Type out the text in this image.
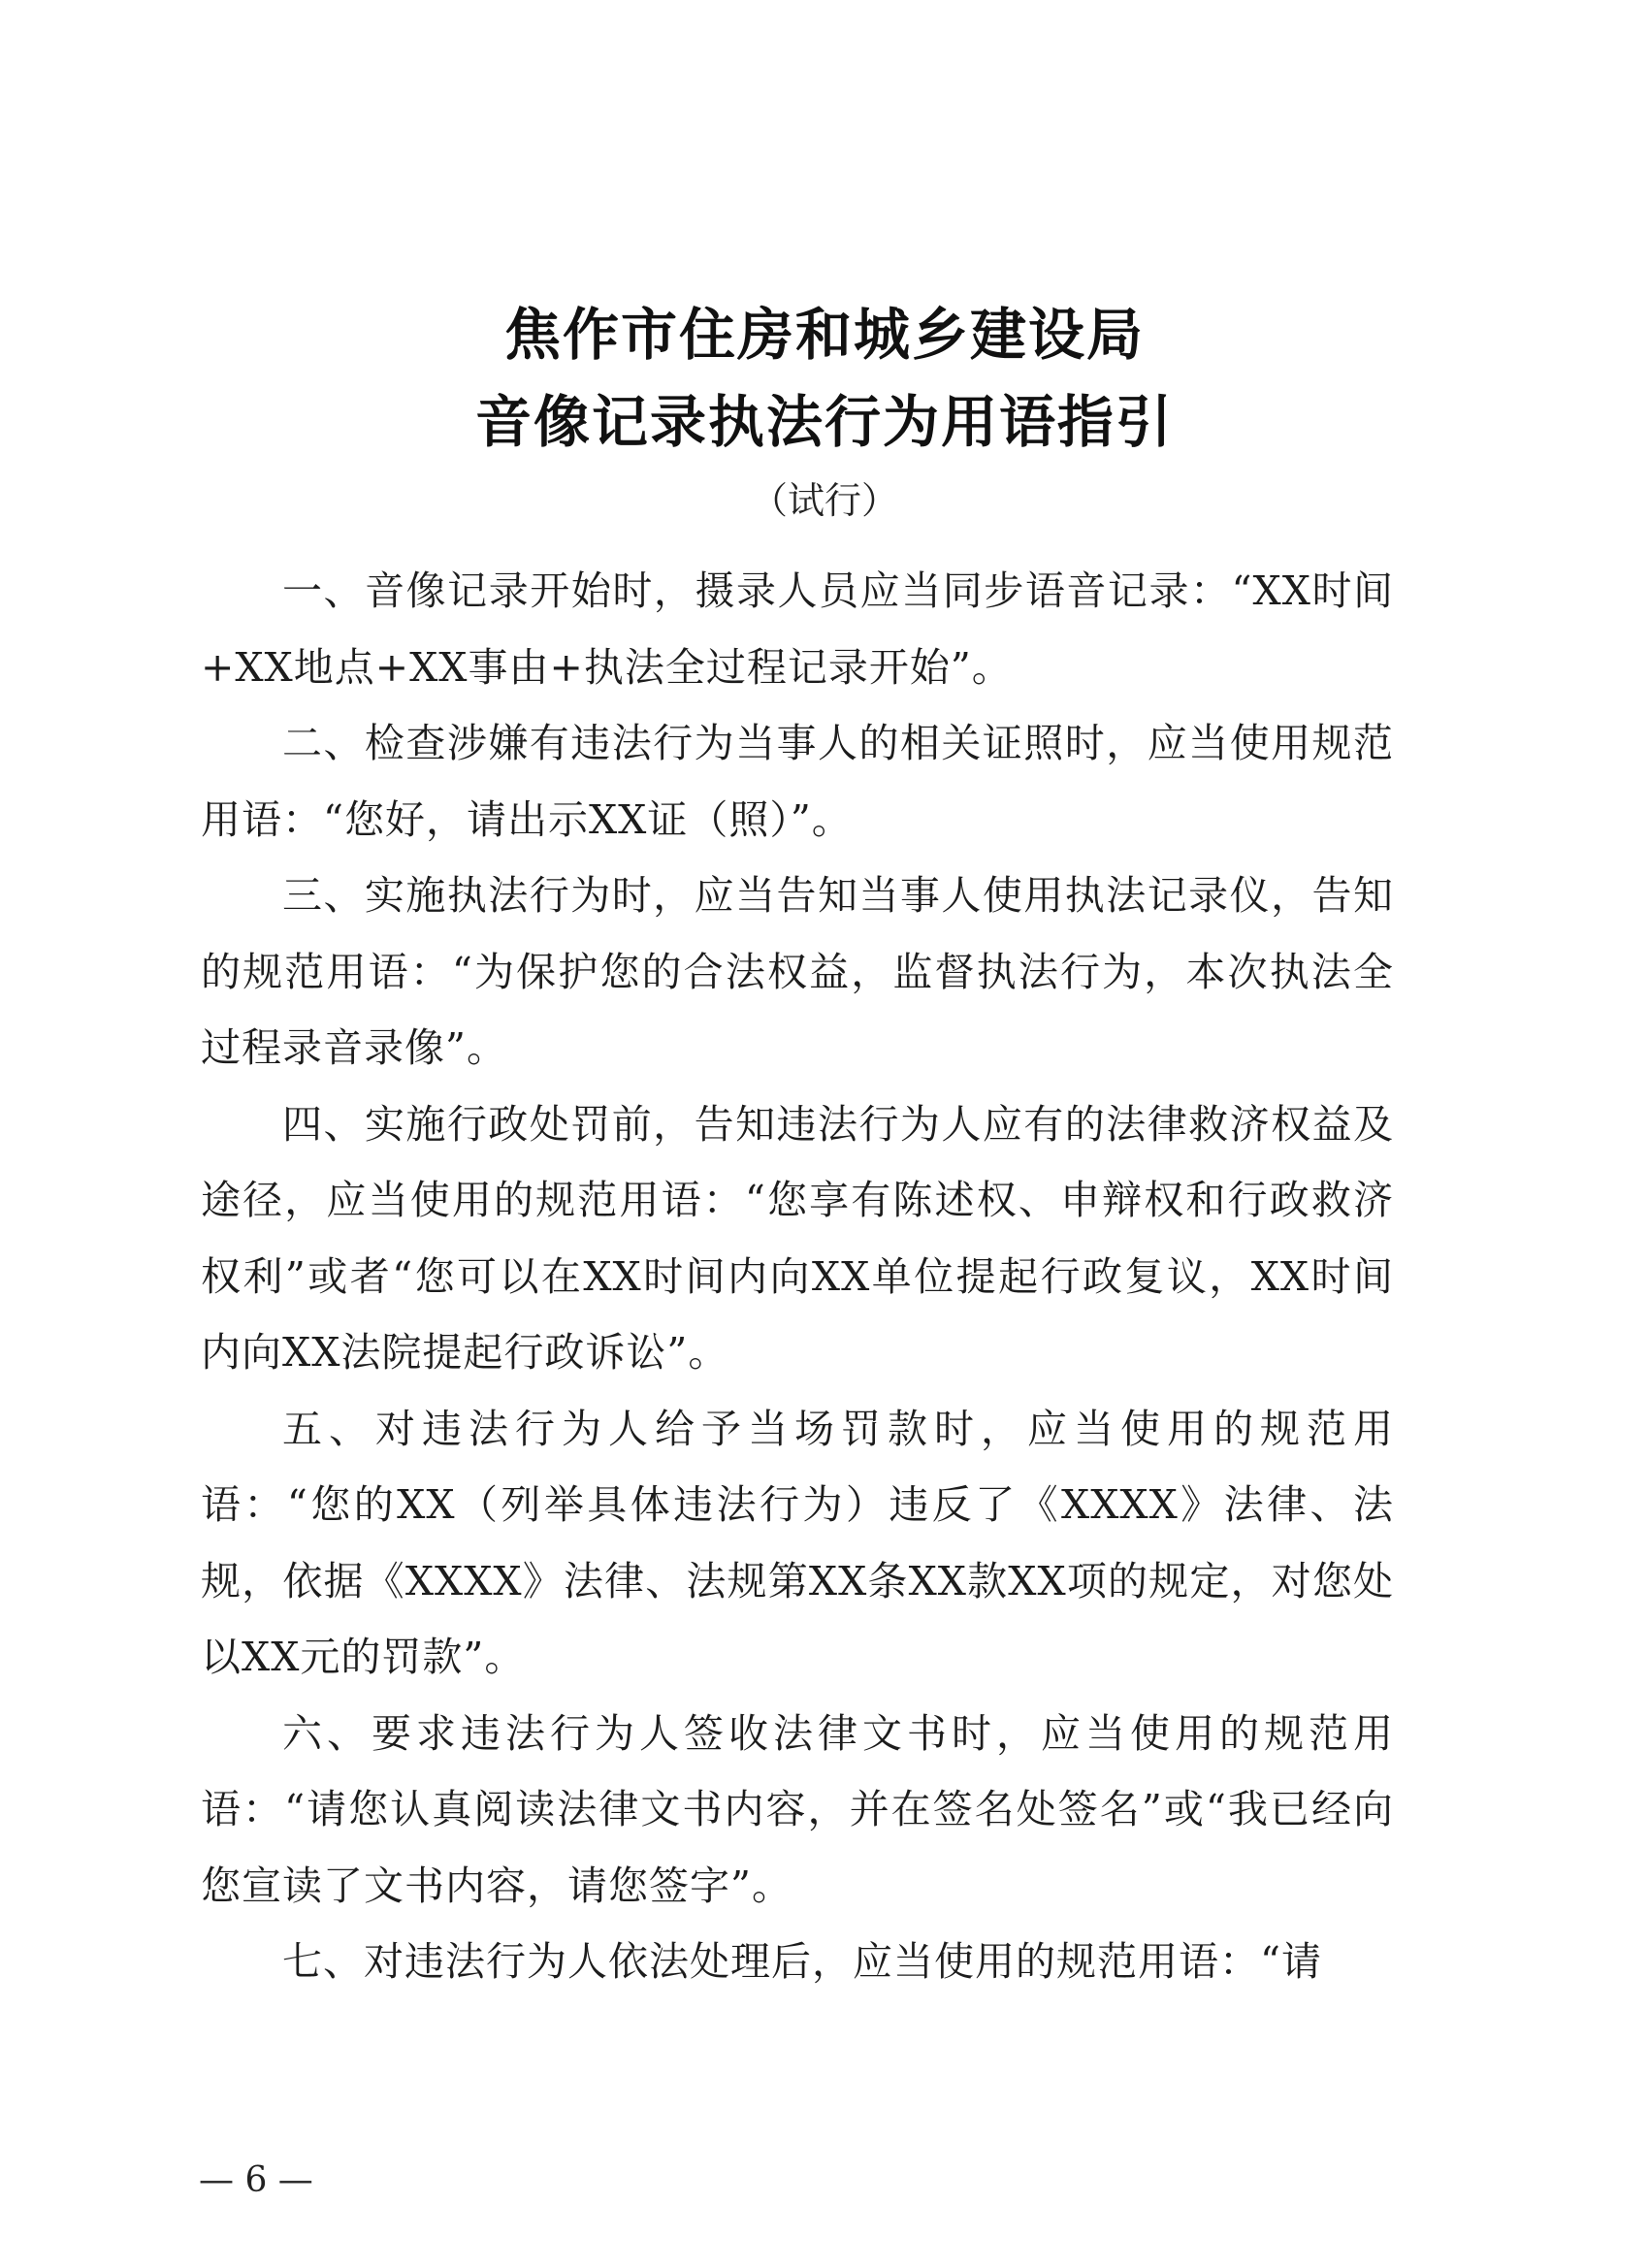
焦作市住房和城乡建设局
音像记录执法行为用语指引
（试行）

一、音像记录开始时，摄录人员应当同步语音记录：“XX时间+XX地点+XX事由+执法全过程记录开始”。

二、检查涉嫌有违法行为当事人的相关证照时，应当使用规范用语：“您好，请出示XX证（照）”。

三、实施执法行为时，应当告知当事人使用执法记录仪，告知的规范用语：“为保护您的合法权益，监督执法行为，本次执法全过程录音录像”。

四、实施行政处罚前，告知违法行为人应有的法律救济权益及途径，应当使用的规范用语：“您享有陈述权、申辩权和行政救济权利”或者“您可以在XX时间内向XX单位提起行政复议，XX时间内向XX法院提起行政诉讼”。

五、对违法行为人给予当场罚款时，应当使用的规范用语：“您的XX（列举具体违法行为）违反了《XXXX》法律、法规，依据《XXXX》法律、法规第XX条XX款XX项的规定，对您处以XX元的罚款”。

六、要求违法行为人签收法律文书时，应当使用的规范用语：“请您认真阅读法律文书内容，并在签名处签名”或“我已经向您宣读了文书内容，请您签字”。

七、对违法行为人依法处理后，应当使用的规范用语：“请

— 6 —
